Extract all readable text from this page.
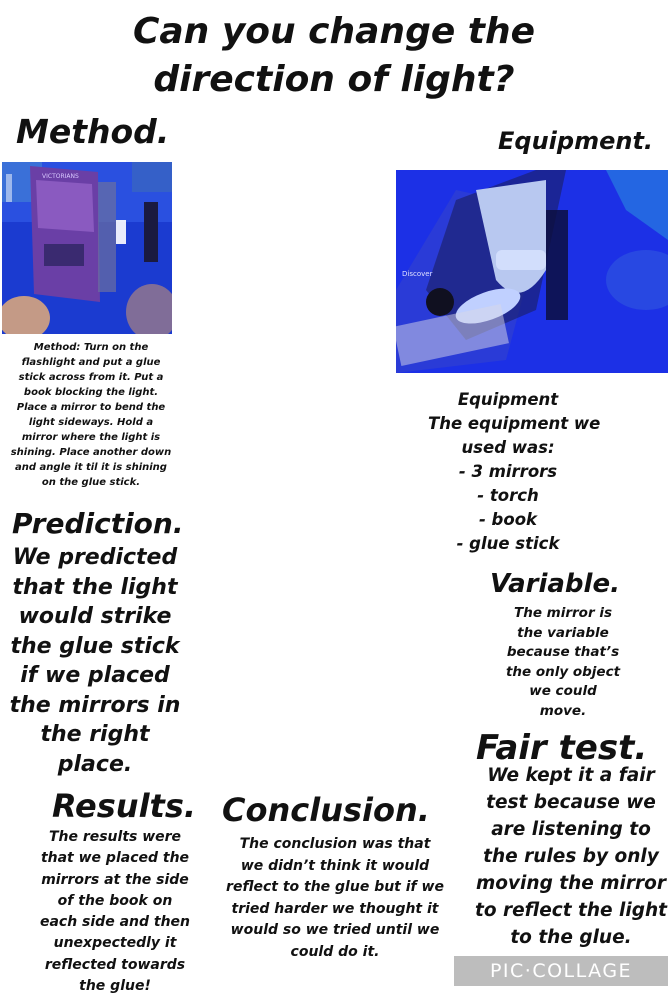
Can you change the
direction of light?
Method.
VICTORIANS
Method: Turn on the
flashlight and put a glue
stick across from it. Put a
book blocking the light.
Place a mirror to bend the
light sideways. Hold a
mirror where the light is
shining. Place another down
and angle it til it is shining
on the glue stick.
Equipment.
Discover
Equipment
The equipment we
used was:
- 3 mirrors
- torch
- book
- glue stick
Prediction.
We predicted
that the light
would strike
the glue stick
if we placed
the mirrors in
the right place.
Variable.
The mirror is
the variable
because that’s
the only object
we could
move.
Fair test.
We kept it a fair
test because we
are listening to
the rules by only
moving the mirror
to reflect the light
to the glue.
Results.
The results were
that we placed the
mirrors at the side
of the book on
each side and then
unexpectedly it
reflected towards
the glue!
Conclusion.
The conclusion was that
we didn’t think it would
reflect to the glue but if we
tried harder we thought it
would so we tried until we
could do it.
PIC·COLLAGE
